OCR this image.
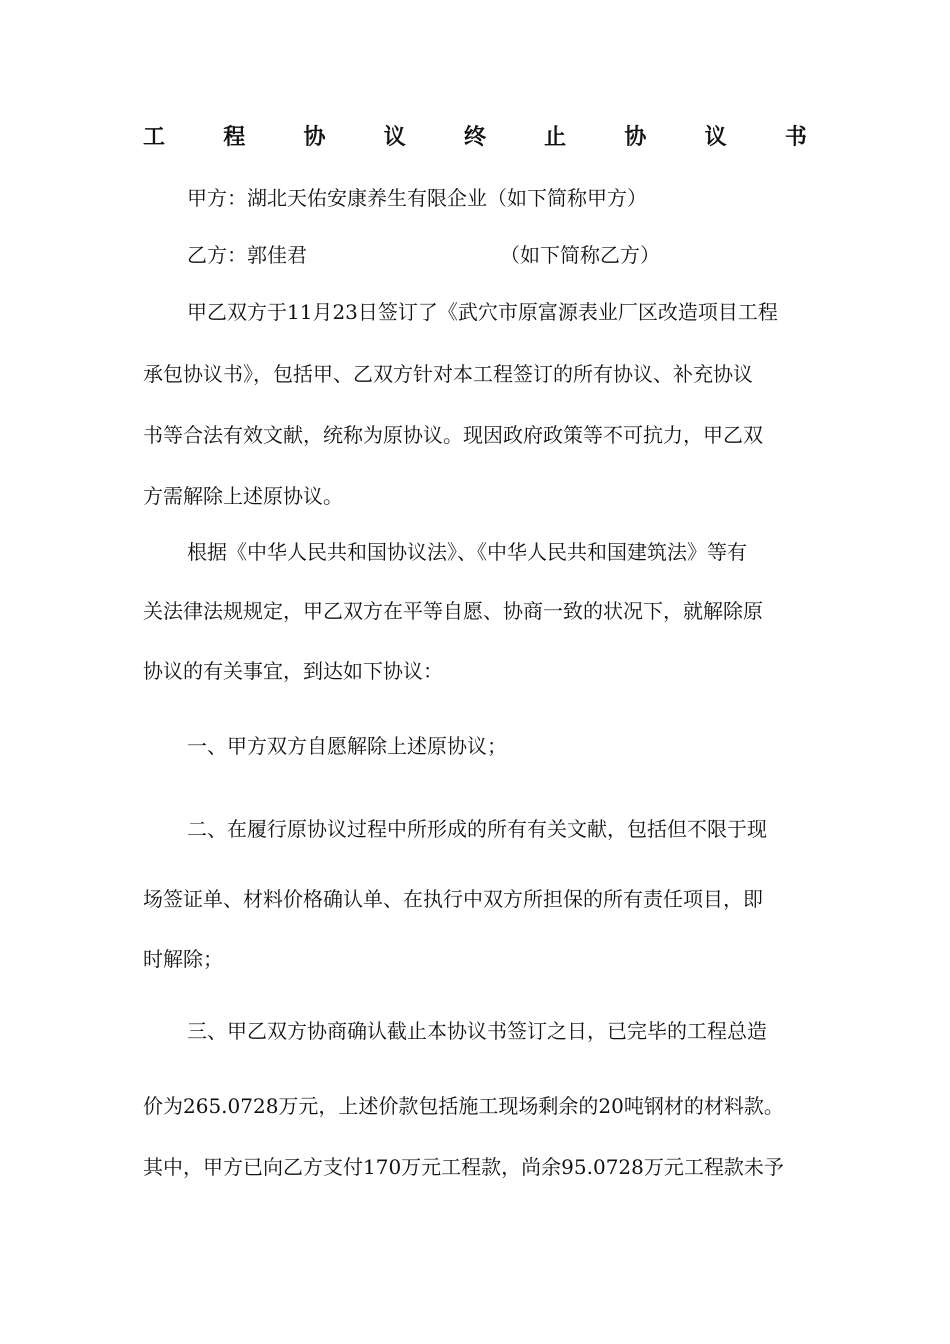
工	程	协	议	终	止	协	议	书
甲方：湖北天佑安康养生有限企业（如下简称甲方）
乙方：郭佳君	（如下简称乙方）
甲乙双方于11月23日签订了《武穴市原富源表业厂区改造项目工程
承包协议书》，包括甲、乙双方针对本工程签订的所有协议、补充协议
书等合法有效文献，统称为原协议。现因政府政策等不可抗力，甲乙双
方需解除上述原协议。
根据《中华人民共和国协议法》、《中华人民共和国建筑法》等有
关法律法规规定，甲乙双方在平等自愿、协商一致的状况下，就解除原
协议的有关事宜，到达如下协议：
一、甲方双方自愿解除上述原协议；
二、在履行原协议过程中所形成的所有有关文献，包括但不限于现
场签证单、材料价格确认单、在执行中双方所担保的所有责任项目，即
时解除；
三、甲乙双方协商确认截止本协议书签订之日，已完毕的工程总造
价为265.0728万元，上述价款包括施工现场剩余的20吨钢材的材料款。
其中，甲方已向乙方支付170万元工程款，尚余95.0728万元工程款未予
